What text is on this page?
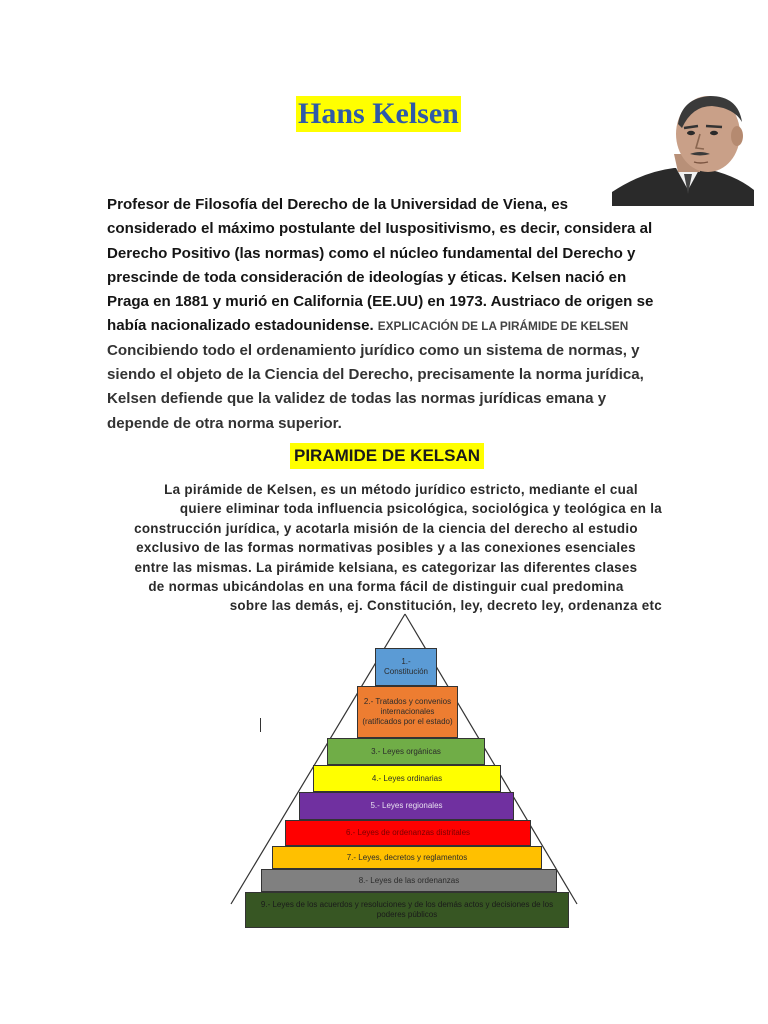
Hans Kelsen
Profesor de Filosofía del Derecho de la Universidad de Viena, es
considerado el máximo postulante del Iuspositivismo, es decir, considera al
Derecho Positivo (las normas) como el núcleo fundamental del Derecho y
prescinde de toda consideración de ideologías y éticas. Kelsen nació en
Praga en 1881 y murió en California (EE.UU) en 1973. Austriaco de origen se
había nacionalizado estadounidense. EXPLICACIÓN DE LA PIRÁMIDE DE KELSEN
Concibiendo todo el ordenamiento jurídico como un sistema de normas, y
siendo el objeto de la Ciencia del Derecho, precisamente la norma jurídica,
Kelsen defiende que la validez de todas las normas jurídicas emana y
depende de otra norma superior.
PIRAMIDE DE KELSAN
La pirámide de Kelsen, es un método jurídico estricto, mediante el cual
quiere eliminar toda influencia psicológica, sociológica y teológica en la
construcción jurídica, y acotarla misión de la ciencia del derecho al estudio
exclusivo de las formas normativas posibles y a las conexiones esenciales
entre las mismas. La pirámide kelsiana, es categorizar las diferentes clases
de normas ubicándolas en una forma fácil de distinguir cual predomina
sobre las demás, ej. Constitución, ley, decreto ley, ordenanza etc
1.- Constitución
2.- Tratados y convenios internacionales (ratificados por el estado)
3.- Leyes orgánicas
4.- Leyes ordinarias
5.- Leyes regionales
6.- Leyes de ordenanzas distritales
7.- Leyes, decretos y reglamentos
8.- Leyes de las ordenanzas
9.- Leyes de los acuerdos y resoluciones y de los demás actos y decisiones de los poderes públicos
